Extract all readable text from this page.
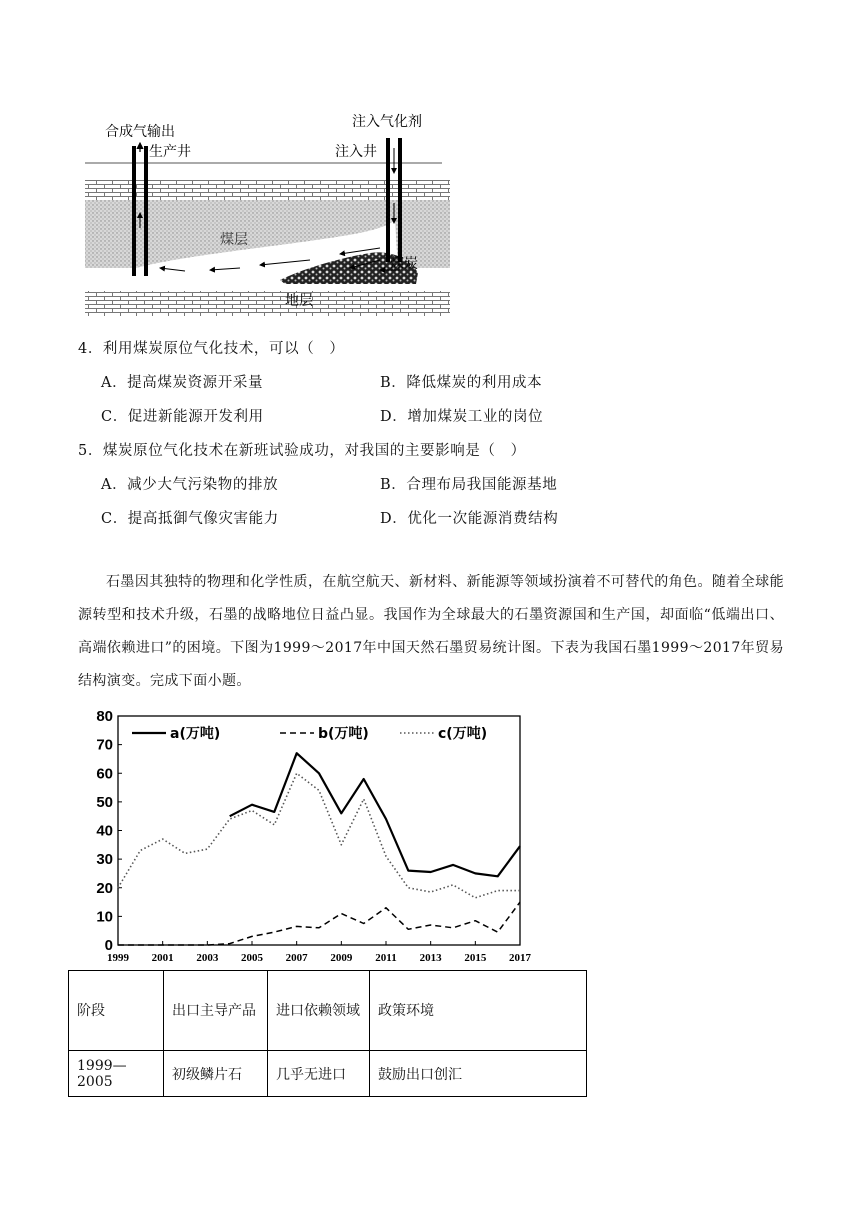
合成气输出
生产井
注入气化剂
注入井
煤层
煤炭
地层
4．利用煤炭原位气化技术，可以（　）
A．提高煤炭资源开采量	B．降低煤炭的利用成本
C．促进新能源开发利用	D．增加煤炭工业的岗位
5．煤炭原位气化技术在新班试验成功，对我国的主要影响是（　）
A．减少大气污染物的排放	B．合理布局我国能源基地
C．提高抵御气像灾害能力	D．优化一次能源消费结构
石墨因其独特的物理和化学性质，在航空航天、新材料、新能源等领域扮演着不可替代的角色。随着全球能源转型和技术升级，石墨的战略地位日益凸显。我国作为全球最大的石墨资源国和生产国，却面临“低端出口、高端依赖进口”的困境。下图为1999～2017年中国天然石墨贸易统计图。下表为我国石墨1999～2017年贸易结构演变。完成下面小题。
0
10
20
30
40
50
60
70
80
1999 2001 2003 2005 2007 2009 2011 2013 2015 2017
a(万吨)	b(万吨)	c(万吨)
阶段	出口主导产品	进口依赖领域	政策环境
1999—2005	初级鳞片石	几乎无进口	鼓励出口创汇
